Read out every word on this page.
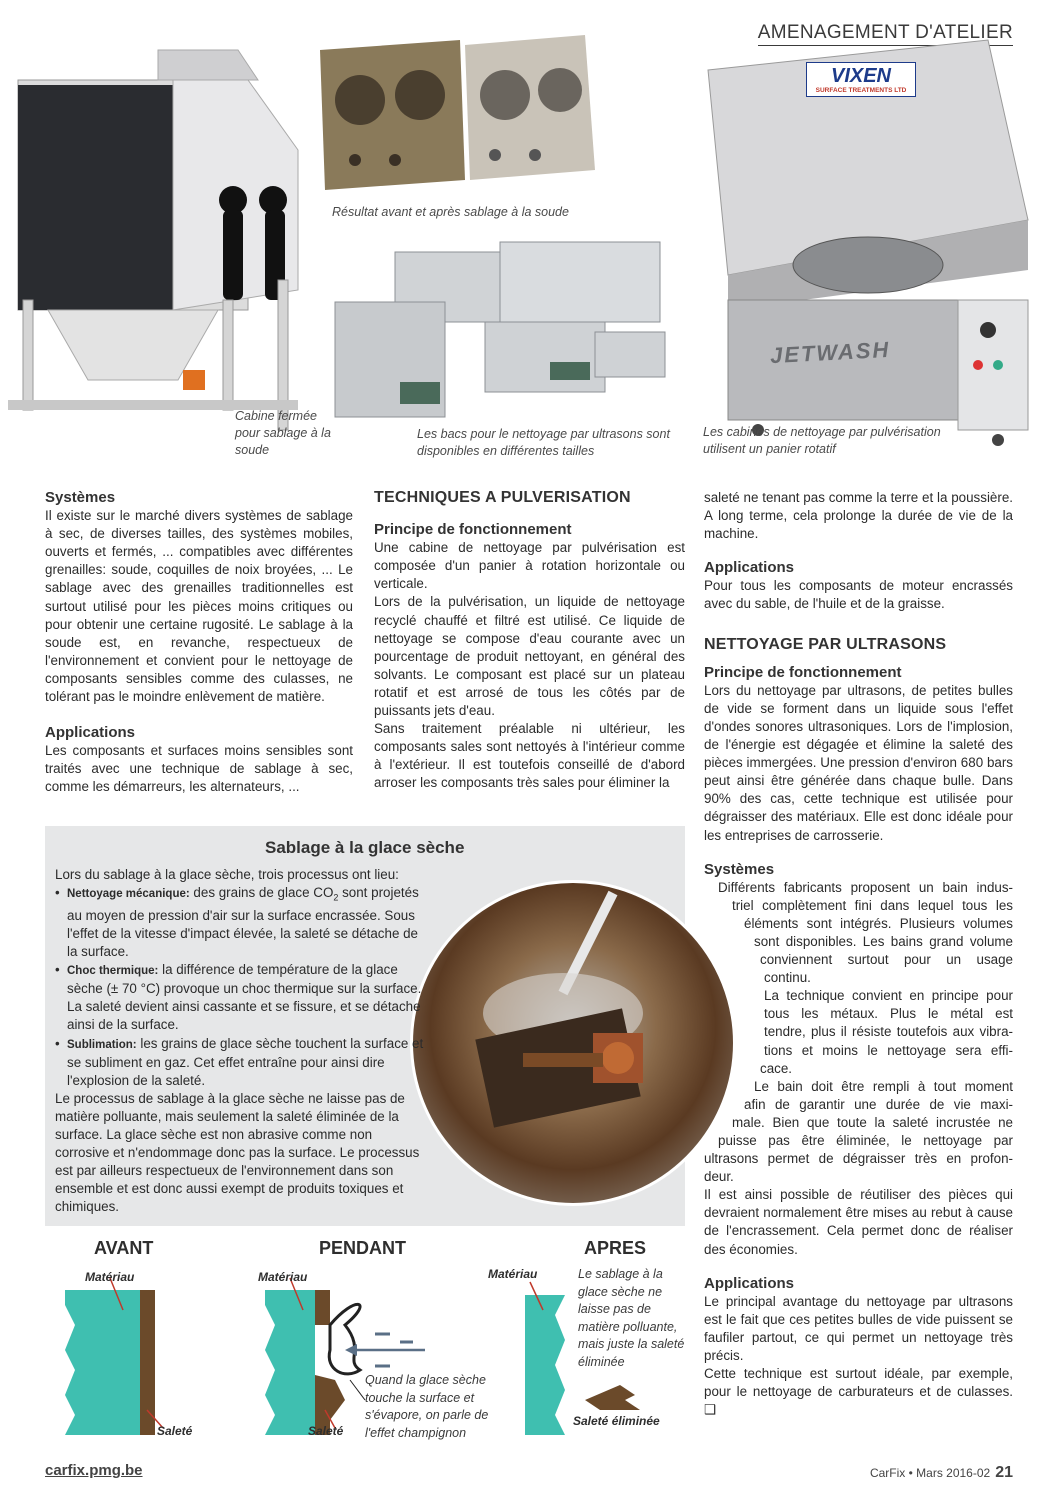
AMENAGEMENT D'ATELIER
Cabine fermée pour sablage à la soude
Résultat avant et après sablage à la soude
Les bacs pour le nettoyage par ultrasons sont disponibles en différentes tailles
VIXEN
SURFACE TREATMENTS LTD
JETWASH
Les cabines de nettoyage par pulvérisation utilisent un panier rotatif
Systèmes

Il existe sur le marché divers systèmes de sablage à sec, de diverses tailles, des systèmes mobiles, ouverts et fermés, ... compatibles avec différentes grenailles: soude, coquilles de noix broyées, ... Le sablage avec des grenailles traditionnelles est surtout utilisé pour les pièces moins critiques ou pour obtenir une certaine rugosité. Le sablage à la soude est, en revanche, respectueux de l'environnement et convient pour le nettoyage de composants sensibles comme des culasses, ne tolérant pas le moindre enlèvement de matière.

Applications

Les composants et surfaces moins sensibles sont traités avec une technique de sablage à sec, comme les démarreurs, les alternateurs, ...

TECHNIQUES A PULVERISATION
Principe de fonctionnement

Une cabine de nettoyage par pulvérisation est composée d'un panier à rotation horizontale ou verticale.

Lors de la pulvérisation, un liquide de nettoyage recyclé chauffé et filtré est utilisé. Ce liquide de nettoyage se compose d'eau courante avec un pourcentage de produit nettoyant, en général des solvants. Le composant est placé sur un plateau rotatif et est arrosé de tous les côtés par de puissants jets d'eau.

Sans traitement préalable ni ultérieur, les composants sales sont nettoyés à l'intérieur comme à l'extérieur. Il est toutefois conseillé de d'abord arroser les composants très sales pour éliminer la

saleté ne tenant pas comme la terre et la poussière. A long terme, cela prolonge la durée de vie de la machine.

Applications

Pour tous les composants de moteur encrassés avec du sable, de l'huile et de la graisse.

NETTOYAGE PAR ULTRASONS
Principe de fonctionnement

Lors du nettoyage par ultrasons, de petites bulles de vide se forment dans un liquide sous l'effet d'ondes sonores ultrasoniques. Lors de l'implosion, de l'énergie est dégagée et élimine la saleté des pièces immergées. Une pression d'environ 680 bars peut ainsi être générée dans chaque bulle. Dans 90% des cas, cette technique est utilisée pour dégraisser des matériaux. Elle est donc idéale pour les entreprises de carrosserie.

Systèmes
Différents fabricants proposent un bain indus-
triel complètement fini dans lequel tous les
éléments sont intégrés. Plusieurs volumes
sont disponibles. Les bains grand volume
conviennent surtout pour un usage
continu.
La technique convient en principe pour
tous les métaux. Plus le métal est
tendre, plus il résiste toutefois aux vibra-
tions et moins le nettoyage sera effi-
cace.
Le bain doit être rempli à tout moment
afin de garantir une durée de vie maxi-
male. Bien que toute la saleté incrustée ne
puisse pas être éliminée, le nettoyage par
ultrasons permet de dégraisser très en profon-
deur.

Il est ainsi possible de réutiliser des pièces qui devraient normalement être mises au rebut à cause de l'encrassement. Cela permet donc de réaliser des économies.

Applications

Le principal avantage du nettoyage par ultrasons est le fait que ces petites bulles de vide puissent se faufiler partout, ce qui permet un nettoyage très précis.

Cette technique est surtout idéale, par exemple, pour le nettoyage de carburateurs et de culasses. ❑

Sablage à la glace sèche
Lors du sablage à la glace sèche, trois processus ont lieu:
• Nettoyage mécanique: des grains de glace $CO_2$ sont projetés au moyen de pression d'air sur la surface encrassée. Sous l'effet de la vitesse d'impact élevée, la saleté se détache de la surface.
• Choc thermique: la différence de température de la glace sèche (± 70 °C) provoque un choc thermique sur la surface. La saleté devient ainsi cassante et se fissure, et se détache ainsi de la surface.
• Sublimation: les grains de glace sèche touchent la surface et se subliment en gaz. Cet effet entraîne pour ainsi dire l'explosion de la saleté.
Le processus de sablage à la glace sèche ne laisse pas de matière polluante, mais seulement la saleté éliminée de la surface. La glace sèche est non abrasive comme non corrosive et n'endommage donc pas la surface. Le processus est par ailleurs respectueux de l'environnement dans son ensemble et est donc aussi exempt de produits toxiques et chimiques.
AVANT	PENDANT	APRES
Matériau
Saleté
Matériau
Saleté
Quand la glace sèche touche la surface et s'évapore, on parle de l'effet champignon
Matériau	Le sablage à la glace sèche ne laisse pas de matière polluante, mais juste la saleté éliminée
Saleté éliminée
carfix.pmg.be	CarFix • Mars 2016-02 21
